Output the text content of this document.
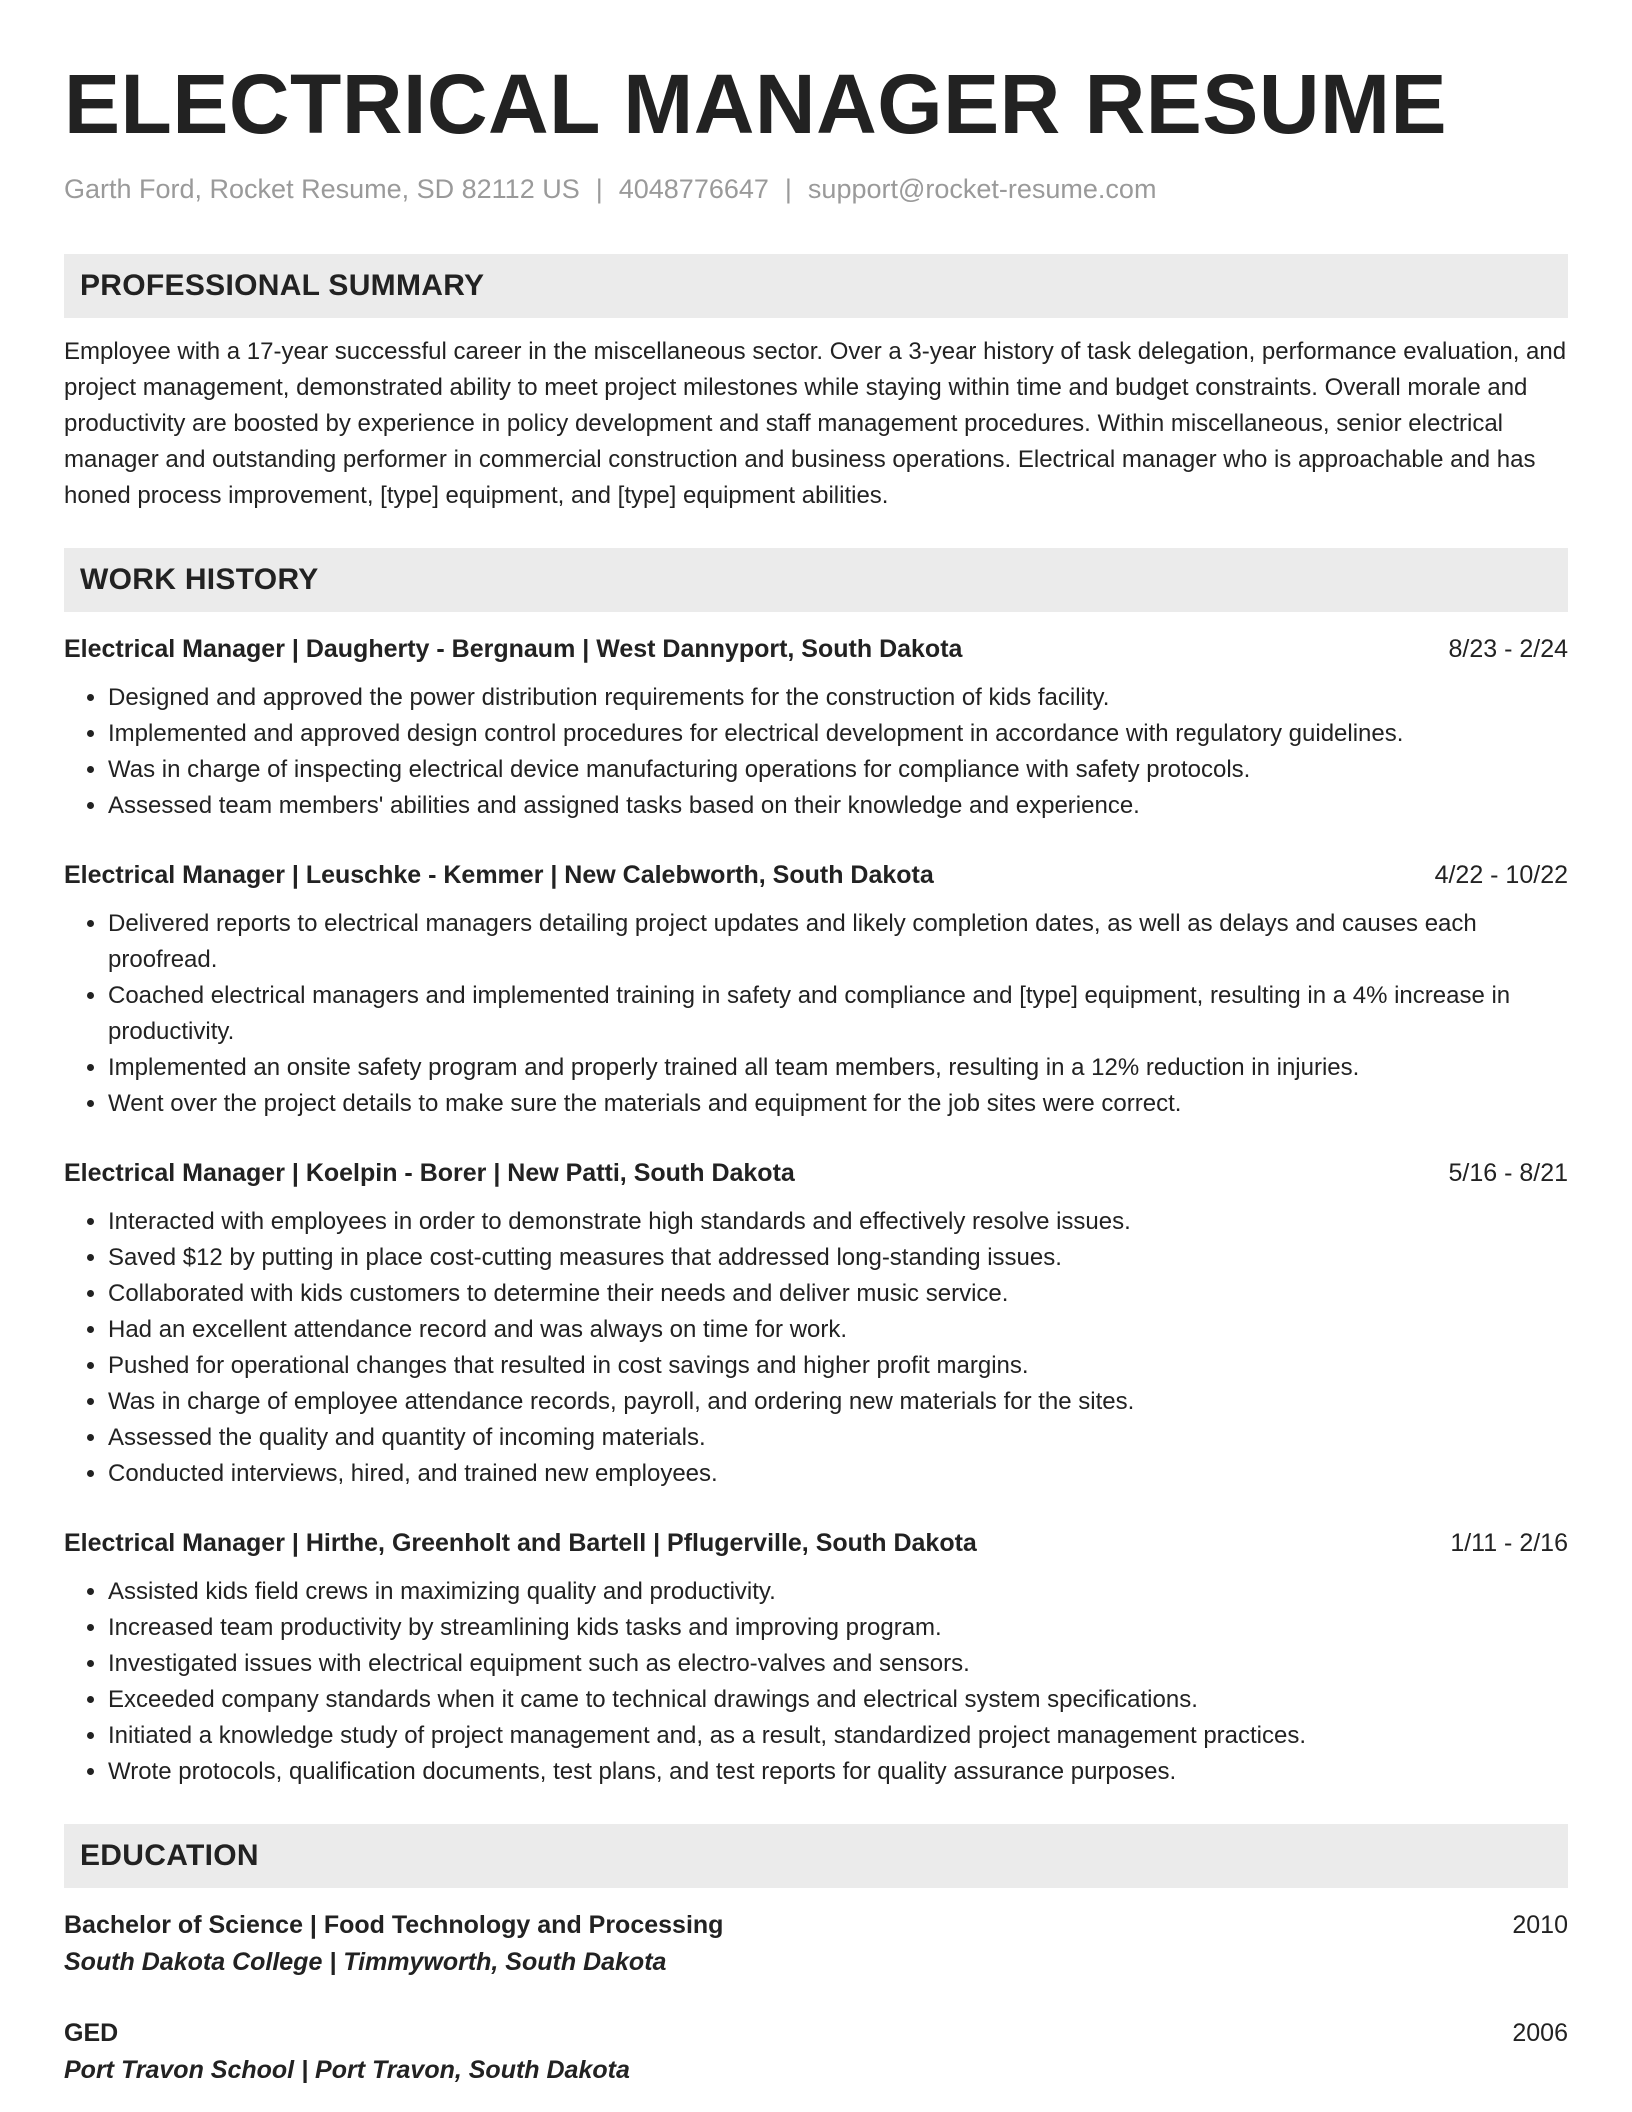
ELECTRICAL MANAGER RESUME
Garth Ford, Rocket Resume, SD 82112 US | 4048776647 | support@rocket-resume.com
PROFESSIONAL SUMMARY
Employee with a 17-year successful career in the miscellaneous sector. Over a 3-year history of task delegation, performance evaluation, and project management, demonstrated ability to meet project milestones while staying within time and budget constraints. Overall morale and productivity are boosted by experience in policy development and staff management procedures. Within miscellaneous, senior electrical manager and outstanding performer in commercial construction and business operations. Electrical manager who is approachable and has honed process improvement, [type] equipment, and [type] equipment abilities.
WORK HISTORY
Electrical Manager | Daugherty - Bergnaum | West Dannyport, South Dakota	8/23 - 2/24
• Designed and approved the power distribution requirements for the construction of kids facility.
• Implemented and approved design control procedures for electrical development in accordance with regulatory guidelines.
• Was in charge of inspecting electrical device manufacturing operations for compliance with safety protocols.
• Assessed team members' abilities and assigned tasks based on their knowledge and experience.
Electrical Manager | Leuschke - Kemmer | New Calebworth, South Dakota	4/22 - 10/22
• Delivered reports to electrical managers detailing project updates and likely completion dates, as well as delays and causes each proofread.
• Coached electrical managers and implemented training in safety and compliance and [type] equipment, resulting in a 4% increase in productivity.
• Implemented an onsite safety program and properly trained all team members, resulting in a 12% reduction in injuries.
• Went over the project details to make sure the materials and equipment for the job sites were correct.
Electrical Manager | Koelpin - Borer | New Patti, South Dakota	5/16 - 8/21
• Interacted with employees in order to demonstrate high standards and effectively resolve issues.
• Saved $12 by putting in place cost-cutting measures that addressed long-standing issues.
• Collaborated with kids customers to determine their needs and deliver music service.
• Had an excellent attendance record and was always on time for work.
• Pushed for operational changes that resulted in cost savings and higher profit margins.
• Was in charge of employee attendance records, payroll, and ordering new materials for the sites.
• Assessed the quality and quantity of incoming materials.
• Conducted interviews, hired, and trained new employees.
Electrical Manager | Hirthe, Greenholt and Bartell | Pflugerville, South Dakota	1/11 - 2/16
• Assisted kids field crews in maximizing quality and productivity.
• Increased team productivity by streamlining kids tasks and improving program.
• Investigated issues with electrical equipment such as electro-valves and sensors.
• Exceeded company standards when it came to technical drawings and electrical system specifications.
• Initiated a knowledge study of project management and, as a result, standardized project management practices.
• Wrote protocols, qualification documents, test plans, and test reports for quality assurance purposes.
EDUCATION
Bachelor of Science | Food Technology and Processing	2010
South Dakota College | Timmyworth, South Dakota
GED	2006
Port Travon School | Port Travon, South Dakota
